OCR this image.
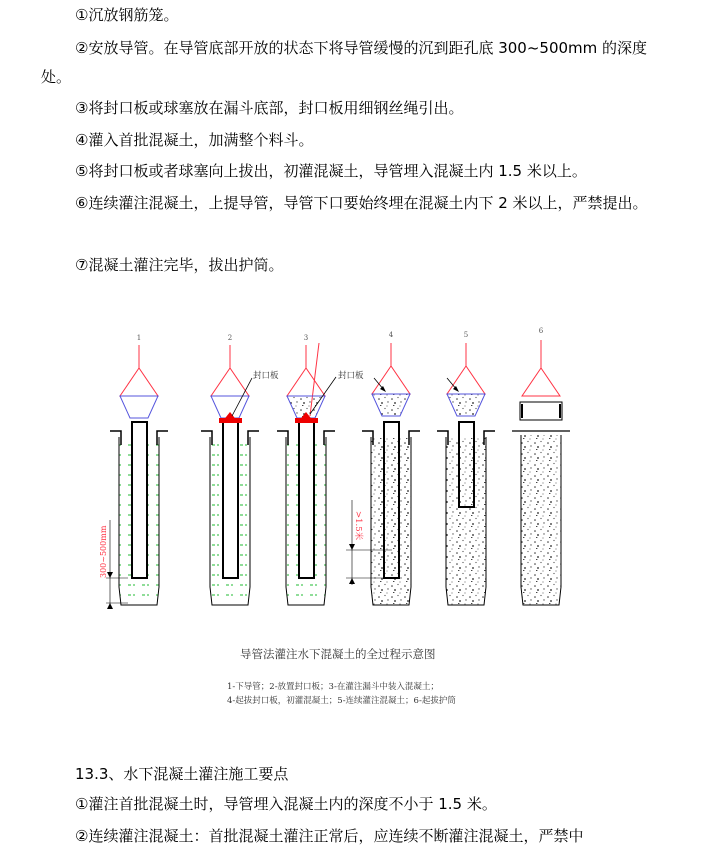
①沉放钢筋笼。
②安放导管。在导管底部开放的状态下将导管缓慢的沉到距孔底 300~500mm 的深度处。
③将封口板或球塞放在漏斗底部，封口板用细钢丝绳引出。
④灌入首批混凝土，加满整个料斗。
⑤将封口板或者球塞向上拔出，初灌混凝土，导管埋入混凝土内 1.5 米以上。
⑥连续灌注混凝土，上提导管，导管下口要始终埋在混凝土内下 2 米以上，严禁提出。
⑦混凝土灌注完毕，拔出护筒。
1	2	3	4	5	6
300~500mm
封口板	封口板
>1.5米
导管法灌注水下混凝土的全过程示意图
1-下导管；2-放置封口板；3-在灌注漏斗中装入混凝土；
4-起拔封口板，初灌混凝土；5-连续灌注混凝土；6-起拔护筒
13.3、水下混凝土灌注施工要点
①灌注首批混凝土时，导管埋入混凝土内的深度不小于 1.5 米。
②连续灌注混凝土：首批混凝土灌注正常后，应连续不断灌注混凝土，严禁中
